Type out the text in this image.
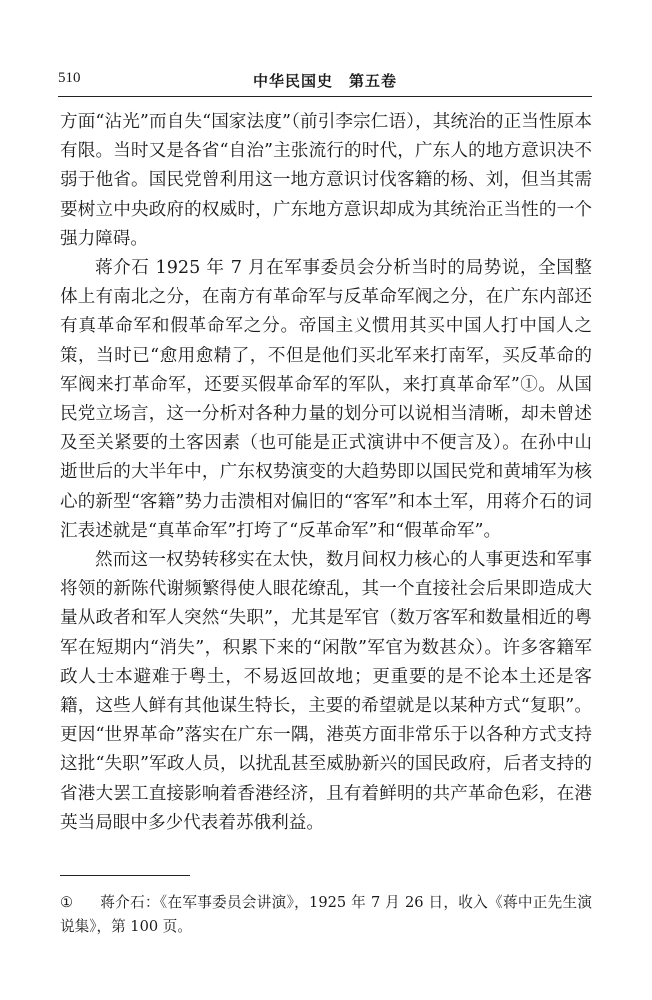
510	中华民国史　第五卷

方面“沾光”而自失“国家法度”（前引李宗仁语），其统治的正当性原本有限。当时又是各省“自治”主张流行的时代，广东人的地方意识决不弱于他省。国民党曾利用这一地方意识讨伐客籍的杨、刘，但当其需要树立中央政府的权威时，广东地方意识却成为其统治正当性的一个强力障碍。

蒋介石 1925 年 7 月在军事委员会分析当时的局势说，全国整体上有南北之分，在南方有革命军与反革命军阀之分，在广东内部还有真革命军和假革命军之分。帝国主义惯用其买中国人打中国人之策，当时已“愈用愈精了，不但是他们买北军来打南军，买反革命的军阀来打革命军，还要买假革命军的军队，来打真革命军”①。从国民党立场言，这一分析对各种力量的划分可以说相当清晰，却未曾述及至关紧要的土客因素（也可能是正式演讲中不便言及）。在孙中山逝世后的大半年中，广东权势演变的大趋势即以国民党和黄埔军为核心的新型“客籍”势力击溃相对偏旧的“客军”和本土军，用蒋介石的词汇表述就是“真革命军”打垮了“反革命军”和“假革命军”。

然而这一权势转移实在太快，数月间权力核心的人事更迭和军事将领的新陈代谢频繁得使人眼花缭乱，其一个直接社会后果即造成大量从政者和军人突然“失职”，尤其是军官（数万客军和数量相近的粤军在短期内“消失”，积累下来的“闲散”军官为数甚众）。许多客籍军政人士本避难于粤土，不易返回故地；更重要的是不论本土还是客籍，这些人鲜有其他谋生特长，主要的希望就是以某种方式“复职”。更因“世界革命”落实在广东一隅，港英方面非常乐于以各种方式支持这批“失职”军政人员，以扰乱甚至威胁新兴的国民政府，后者支持的省港大罢工直接影响着香港经济，且有着鲜明的共产革命色彩，在港英当局眼中多少代表着苏俄利益。

① 蒋介石：《在军事委员会讲演》，1925 年 7 月 26 日，收入《蒋中正先生演说集》，第 100 页。
